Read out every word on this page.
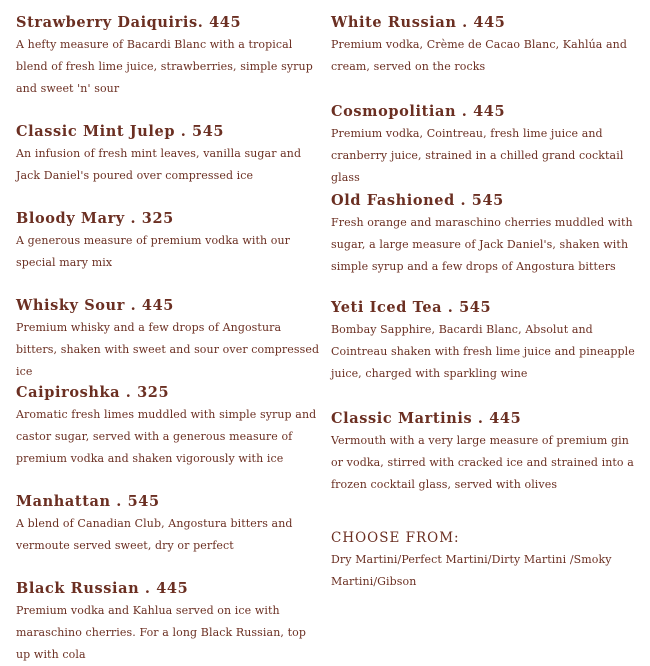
Strawberry Daiquiris. 445

A hefty measure of Bacardi Blanc with a tropical blend of fresh lime juice, strawberries, simple syrup and sweet 'n' sour

Classic Mint Julep . 545

An infusion of fresh mint leaves, vanilla sugar and Jack Daniel's poured over compressed ice

Bloody Mary . 325

A generous measure of premium vodka with our special mary mix

Whisky Sour . 445

Premium whisky and a few drops of Angostura bitters, shaken with sweet and sour over compressed ice

Caipiroshka . 325

Aromatic fresh limes muddled with simple syrup and castor sugar, served with a generous measure of premium vodka and shaken vigorously with ice

Manhattan . 545

A blend of Canadian Club, Angostura bitters and vermoute served sweet, dry or perfect

Black Russian . 445

Premium vodka and Kahlua served on ice with maraschino cherries. For a long Black Russian, top up with cola

White Russian . 445

Premium vodka, Crème de Cacao Blanc, Kahlúa and cream, served on the rocks

Cosmopolitian . 445

Premium vodka, Cointreau, fresh lime juice and cranberry juice, strained in a chilled grand cocktail glass

Old Fashioned . 545

Fresh orange and maraschino cherries muddled with sugar, a large measure of Jack Daniel's, shaken with simple syrup and a few drops of Angostura bitters

Yeti Iced Tea . 545

Bombay Sapphire, Bacardi Blanc, Absolut and Cointreau shaken with fresh lime juice and pineapple juice, charged with sparkling wine

Classic Martinis . 445

Vermouth with a very large measure of premium gin or vodka, stirred with cracked ice and strained into a frozen cocktail glass, served with olives

CHOOSE FROM:

Dry Martini/Perfect Martini/Dirty Martini /Smoky Martini/Gibson
